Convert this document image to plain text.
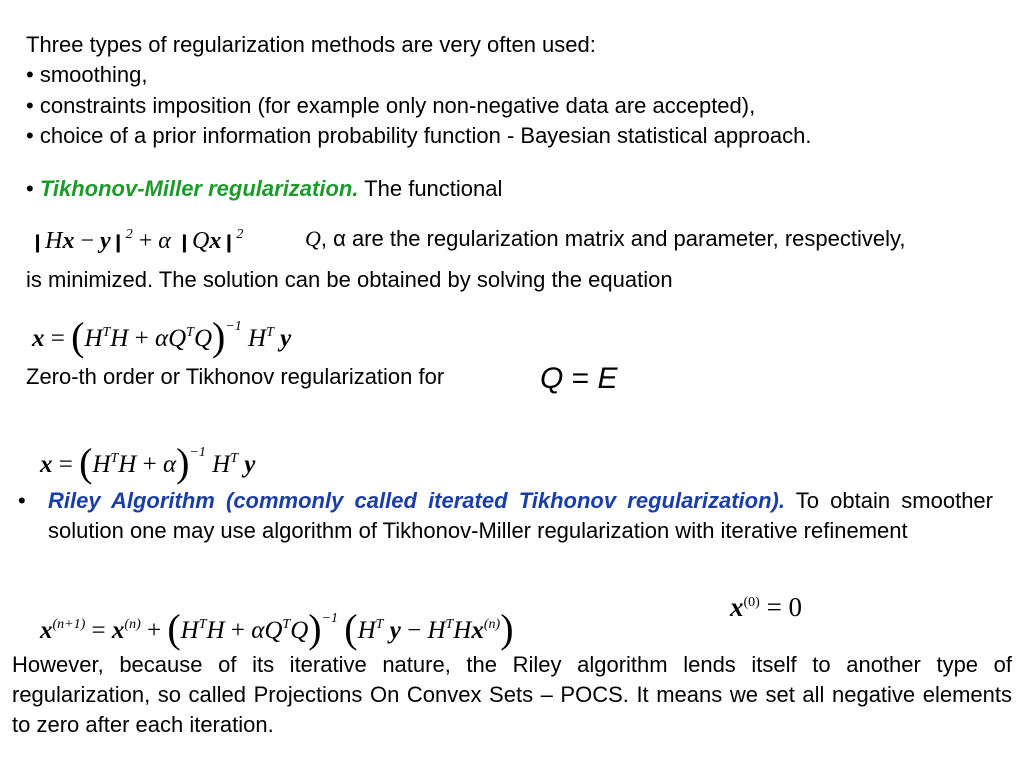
Three types of regularization methods are very often used:
• smoothing,
• constraints imposition (for example only non-negative data are accepted),
• choice of a prior information probability function - Bayesian statistical approach.
• Tikhonov-Miller regularization. The functional
❙Hx − y❙$^2$ + α ❙Qx❙$^2$	Q, α are the regularization matrix and parameter, respectively,
is minimized. The solution can be obtained by solving the equation
$x = (H^TH + \alpha Q^TQ)^{-1}$ $H^T$ y
Zero-th order or Tikhonov regularization for	Q = E
$x = (H^TH + \alpha)^{-1}$ $H^T$ y
• Riley Algorithm (commonly called iterated Tikhonov regularization). To obtain smoother solution one may use algorithm of Tikhonov-Miller regularization with iterative refinement
$x^{(0)} = 0$
$x^{(n+1)} = x^{(n)} + (H^TH + \alpha Q^TQ)^{-1}$ ($H^T$ $y - H^THx^{(n)}$)
However, because of its iterative nature, the Riley algorithm lends itself to another type of regularization, so called Projections On Convex Sets – POCS. It means we set all negative elements to zero after each iteration.
